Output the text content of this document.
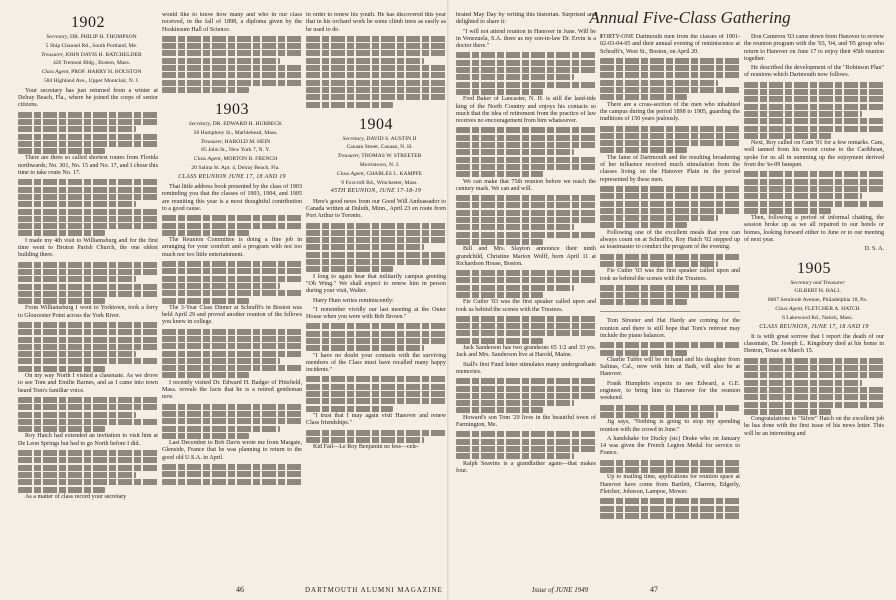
1902

Secretary, DR. PHILIP H. THOMPSON

5 Ship Channel Rd., South Portland, Me.

Treasurer, JOHN DAVIS H. BATCHELDER

426 Tremont Bldg., Boston, Mass.

Class Agent, PROF. HARRY H. HOUSTON

584 Highland Ave., Upper Montclair, N. J.

Your secretary has just returned from a winter at Delray Beach, Fla., where he joined the corps of senior citizens.

There are three so called shortest routes from Florida northwards; No. 301, No. 15 and No. 17, and I chose this time to take route No. 17.

I made my 4th visit to Williamsburg and for the first time went to Bruton Parish Church, the one oldest building there.

From Williamsburg I went to Yorktown, took a ferry to Gloucester Point across the York River.

On my way North I visited a classmate. As we drove to see Tom and Emilie Barnes, and as I came into town heard Tom's familiar voice.

Roy Hatch had extended an invitation to visit him at De Leon Springs but had to go North before I did.

As a matter of class record your secretary

would like to know how many and who in our class received, in the fall of 1898, a diploma given by the Hoskinsum Hall of Science.

1903

Secretary, DR. EDWARD H. HUBBECK

58 Humphrey St., Marblehead, Mass.

Treasurer, HAROLD M. HEIN

85 John St., New York 7, N. Y.

Class Agent, MORTON R. FRENCH

20 Salina St. Apt. 4, Delray Beach, Fla.

CLASS REUNION JUNE 17, 18 AND 19

That little address book presented by the class of 1903 reminding you that the classes of 1903, 1904, and 1905 are reuniting this year is a most thoughtful contribution to a good cause.

The Reunion Committee is doing a fine job in arranging for your comfort and a program with not too much nor too little entertainment.

The 3-Year Class Dinner at Schrafft's in Boston was held April 29 and proved another reunion of the fellows you knew in college.

I recently visited Dr. Edward H. Badger of Pittsfield, Mass. reveals the facts that he is a retired gentleman now.

Last December to Bob Davis wrote me from Margate, Glenside, France that he was planning to return to the good old U.S.A. in April.

in order to renew his youth. He has discovered this year that in his orchard work he some climb trees as easily as he used to do.

1904

Secretary, DAVID S. AUSTIN II

Canaan Street, Canaan, N. H.

Treasurer, THOMAS W. STREETER

Morristown, N. J.

Class Agent, CHARLES L. KAMPFE

9 Foxcroft Rd., Winchester, Mass.

45TH REUNION, JUNE 17-18-19

Here's good news from our Good Will Ambassador to Canada written at Duluth, Minn., April 23 en route from Port Arthur to Toronto.

I long to again hear that militarily campus greeting "Oh Wing." We shall expect to renew him in person during your visit, Walter.

Harry Hum writes reminiscently:

"I remember vividly our last meeting at the Outer House when you were with Bob Brown."

"I have no doubt your contacts with the surviving members of the Class must have recalled many happy incidents."

"I trust that I may again visit Hanover and renew Class friendships."

Kid Fail—Le Roy Benjamin no less—cele-

46	DARTMOUTH ALUMNI MAGAZINE
Annual Five-Class Gathering

brated May Day by writing this historian. Surprised and delighted to share it:

"I will not attend reunion in Hanover in June. Will be in Venezuela, S.A. there as my son-in-law Dr. Ervin is a doctor there."

Fred Baker of Lancaster, N. H. is still the land-tide king of the North Country and enjoys his contacts so much that the idea of retirement from the practice of law receives no encouragement from him whatsoever.

We can make that 75th reunion before we reach the century mark. We can and will.

Bill and Mrs. Slayton announce their ninth grandchild, Christine Marion Wolff, born April 11 at Richardson House, Boston.

Fie Cutler '03 was the first speaker called upon and took us behind the scenes with the Trustees.

Jack Sanderson has two grandsons 65 1/2 and 33 yrs. Jack and Mrs. Sanderson live at Harold, Maine.

Stall's first Fund letter stimulates many undergraduate memories.

Howard's son Tom '29 lives in the beautiful town of Farmington, Me.

Ralph Seavins is a grandfather again—that makes four.

FORTY-ONE Dartmouth men from the classes of 1901-02-03-04-05 and their annual evening of reminiscence at Schrafft's, West St., Boston, on April 20.

There are a cross-section of the men who inhabited the campus during the period 1898 to 1905, guarding the traditions of 150 years jealously.

The fame of Dartmouth and the resulting broadening of her influence received much stimulation from the classes living on the Hanover Plain in the period represented by these men.

Following one of the excellent meals that you can always count on at Schrafft's, Roy Hatch '02 stepped up as toastmaster to conduct the program of the evening.

Fie Cutler '03 was the first speaker called upon and took us behind the scenes with the Trustees.

Tom Streeter and Hat Hardy are coming for the reunion and there is still hope that Tom's retirour may include the piano balancer.

Charlie Tubbs will be on hand and his daughter from Salinas, Cal., now with him at Bath, will also be at Hanover.

Frank Humphris expects to see Edward, a G.E. engineer, to bring him to Hanover for the reunion weekend.

Jig says, "Nothing is going to stop my spending reunion with the crowd in June."

A handshake for Ducky (sic) Drake who on January 14 was given the French Legion Medal for service to France.

Up to mailing time, applications for reunion space at Hanover have come from Bartlett, Charron, Edgerly, Fletcher, Johnson, Lampoe, Mower.

Don Cameron '03 came down from Hanover to review the reunion program with the '03, '04, and '05 group who return to Hanover on June 17 to enjoy their 45th reunion together.

He described the development of the "Robinson Plan" of reunions which Dartmouth now follows.

Next, Roy called on Cam '01 for a few remarks. Cam, well tanned from his recent cruise to the Caribbean, spoke for us all in summing up the enjoyment derived from the 'to-09 banquet.

Then, following a period of informal chatting, the session broke up as we all repaired to our hotels or homes, looking forward either to June or to our meeting of next year.

D. S. A.

1905

Secretary and Treasurer

GILBERT H. HALL

8007 Seminole Avenue, Philadelphia 18, Pa.

Class Agent, FLETCHER A. HATCH

6 Lakewood Rd., Natick, Mass.

CLASS REUNION, JUNE 17, 18 AND 19

It is with great sorrow that I report the death of our classmate, Dr. Joseph L. Kingsbury died at his home in Denton, Texas on March 15.

Congratulations to "Silver" Hatch on the excellent job he has done with the first issue of his news letter. This will be an interesting and

Issue of JUNE 1949	47
